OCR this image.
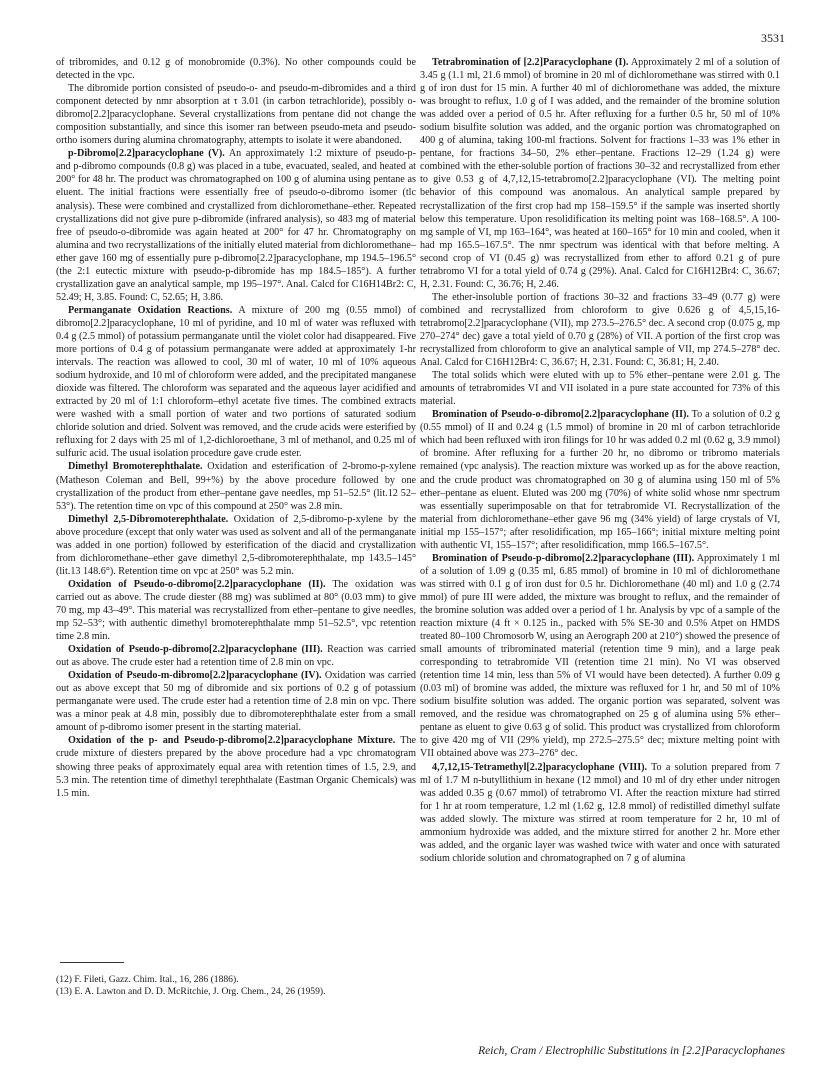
3531

of tribromides, and 0.12 g of monobromide (0.3%). No other compounds could be detected in the vpc.

The dibromide portion consisted of pseudo-o- and pseudo-m-dibromides and a third component detected by nmr absorption at τ 3.01 (in carbon tetrachloride), possibly o-dibromo[2.2]paracyclophane. Several crystallizations from pentane did not change the composition substantially, and since this isomer ran between pseudo-meta and pseudo-ortho isomers during alumina chromatography, attempts to isolate it were abandoned.

p-Dibromo[2.2]paracyclophane (V). An approximately 1:2 mixture of pseudo-p- and p-dibromo compounds (0.8 g) was placed in a tube, evacuated, sealed, and heated at 200° for 48 hr. The product was chromatographed on 100 g of alumina using pentane as eluent. The initial fractions were essentially free of pseudo-o-dibromo isomer (tlc analysis). These were combined and crystallized from dichloromethane–ether. Repeated crystallizations did not give pure p-dibromide (infrared analysis), so 483 mg of material free of pseudo-o-dibromide was again heated at 200° for 47 hr. Chromatography on alumina and two recrystallizations of the initially eluted material from dichloromethane–ether gave 160 mg of essentially pure p-dibromo[2.2]paracyclophane, mp 194.5–196.5° (the 2:1 eutectic mixture with pseudo-p-dibromide has mp 184.5–185°). A further crystallization gave an analytical sample, mp 195–197°. Anal. Calcd for C16H14Br2: C, 52.49; H, 3.85. Found: C, 52.65; H, 3.86.

Permanganate Oxidation Reactions. A mixture of 200 mg (0.55 mmol) of dibromo[2.2]paracyclophane, 10 ml of pyridine, and 10 ml of water was refluxed with 0.4 g (2.5 mmol) of potassium permanganate until the violet color had disappeared. Five more portions of 0.4 g of potassium permanganate were added at approximately 1-hr intervals. The reaction was allowed to cool, 30 ml of water, 10 ml of 10% aqueous sodium hydroxide, and 10 ml of chloroform were added, and the precipitated manganese dioxide was filtered. The chloroform was separated and the aqueous layer acidified and extracted by 20 ml of 1:1 chloroform–ethyl acetate five times. The combined extracts were washed with a small portion of water and two portions of saturated sodium chloride solution and dried. Solvent was removed, and the crude acids were esterified by refluxing for 2 days with 25 ml of 1,2-dichloroethane, 3 ml of methanol, and 0.25 ml of sulfuric acid. The usual isolation procedure gave crude ester.

Dimethyl Bromoterephthalate. Oxidation and esterification of 2-bromo-p-xylene (Matheson Coleman and Bell, 99+%) by the above procedure followed by one crystallization of the product from ether–pentane gave needles, mp 51–52.5° (lit.12 52–53°). The retention time on vpc of this compound at 250° was 2.8 min.

Dimethyl 2,5-Dibromoterephthalate. Oxidation of 2,5-dibromo-p-xylene by the above procedure (except that only water was used as solvent and all of the permanganate was added in one portion) followed by esterification of the diacid and crystallization from dichloromethane–ether gave dimethyl 2,5-dibromoterephthalate, mp 143.5–145° (lit.13 148.6°). Retention time on vpc at 250° was 5.2 min.

Oxidation of Pseudo-o-dibromo[2.2]paracyclophane (II). The oxidation was carried out as above. The crude diester (88 mg) was sublimed at 80° (0.03 mm) to give 70 mg, mp 43–49°. This material was recrystallized from ether–pentane to give needles, mp 52–53°; with authentic dimethyl bromoterephthalate mmp 51–52.5°, vpc retention time 2.8 min.

Oxidation of Pseudo-p-dibromo[2.2]paracyclophane (III). Reaction was carried out as above. The crude ester had a retention time of 2.8 min on vpc.

Oxidation of Pseudo-m-dibromo[2.2]paracyclophane (IV). Oxidation was carried out as above except that 50 mg of dibromide and six portions of 0.2 g of potassium permanganate were used. The crude ester had a retention time of 2.8 min on vpc. There was a minor peak at 4.8 min, possibly due to dibromoterephthalate ester from a small amount of p-dibromo isomer present in the starting material.

Oxidation of the p- and Pseudo-p-dibromo[2.2]paracyclophane Mixture. The crude mixture of diesters prepared by the above procedure had a vpc chromatogram showing three peaks of approximately equal area with retention times of 1.5, 2.9, and 5.3 min. The retention time of dimethyl terephthalate (Eastman Organic Chemicals) was 1.5 min.

Tetrabromination of [2.2]Paracyclophane (I). Approximately 2 ml of a solution of 3.45 g (1.1 ml, 21.6 mmol) of bromine in 20 ml of dichloromethane was stirred with 0.1 g of iron dust for 15 min. A further 40 ml of dichloromethane was added, the mixture was brought to reflux, 1.0 g of I was added, and the remainder of the bromine solution was added over a period of 0.5 hr. After refluxing for a further 0.5 hr, 50 ml of 10% sodium bisulfite solution was added, and the organic portion was chromatographed on 400 g of alumina, taking 100-ml fractions. Solvent for fractions 1–33 was 1% ether in pentane, for fractions 34–50, 2% ether–pentane. Fractions 12–29 (1.24 g) were combined with the ether-soluble portion of fractions 30–32 and recrystallized from ether to give 0.53 g of 4,7,12,15-tetrabromo[2.2]paracyclophane (VI). The melting point behavior of this compound was anomalous. An analytical sample prepared by recrystallization of the first crop had mp 158–159.5° if the sample was inserted shortly below this temperature. Upon resolidification its melting point was 168–168.5°. A 100-mg sample of VI, mp 163–164°, was heated at 160–165° for 10 min and cooled, when it had mp 165.5–167.5°. The nmr spectrum was identical with that before melting. A second crop of VI (0.45 g) was recrystallized from ether to afford 0.21 g of pure tetrabromo VI for a total yield of 0.74 g (29%). Anal. Calcd for C16H12Br4: C, 36.67; H, 2.31. Found: C, 36.76; H, 2.46.

The ether-insoluble portion of fractions 30–32 and fractions 33–49 (0.77 g) were combined and recrystallized from chloroform to give 0.626 g of 4,5,15,16-tetrabromo[2.2]paracyclophane (VII), mp 273.5–276.5° dec. A second crop (0.075 g, mp 270–274° dec) gave a total yield of 0.70 g (28%) of VII. A portion of the first crop was recrystallized from chloroform to give an analytical sample of VII, mp 274.5–278° dec. Anal. Calcd for C16H12Br4: C, 36.67; H, 2.31. Found: C, 36.81; H, 2.40.

The total solids which were eluted with up to 5% ether–pentane were 2.01 g. The amounts of tetrabromides VI and VII isolated in a pure state accounted for 73% of this material.

Bromination of Pseudo-o-dibromo[2.2]paracyclophane (II). To a solution of 0.2 g (0.55 mmol) of II and 0.24 g (1.5 mmol) of bromine in 20 ml of carbon tetrachloride which had been refluxed with iron filings for 10 hr was added 0.2 ml (0.62 g, 3.9 mmol) of bromine. After refluxing for a further 20 hr, no dibromo or tribromo materials remained (vpc analysis). The reaction mixture was worked up as for the above reaction, and the crude product was chromatographed on 30 g of alumina using 150 ml of 5% ether–pentane as eluent. Eluted was 200 mg (70%) of white solid whose nmr spectrum was essentially superimposable on that for tetrabromide VI. Recrystallization of the material from dichloromethane–ether gave 96 mg (34% yield) of large crystals of VI, initial mp 155–157°; after resolidification, mp 165–166°; initial mixture melting point with authentic VI, 155–157°; after resolidification, mmp 166.5–167.5°.

Bromination of Pseudo-p-dibromo[2.2]paracyclophane (III). Approximately 1 ml of a solution of 1.09 g (0.35 ml, 6.85 mmol) of bromine in 10 ml of dichloromethane was stirred with 0.1 g of iron dust for 0.5 hr. Dichloromethane (40 ml) and 1.0 g (2.74 mmol) of pure III were added, the mixture was brought to reflux, and the remainder of the bromine solution was added over a period of 1 hr. Analysis by vpc of a sample of the reaction mixture (4 ft × 0.125 in., packed with 5% SE-30 and 0.5% Atpet on HMDS treated 80–100 Chromosorb W, using an Aerograph 200 at 210°) showed the presence of small amounts of tribrominated material (retention time 9 min), and a large peak corresponding to tetrabromide VII (retention time 21 min). No VI was observed (retention time 14 min, less than 5% of VI would have been detected). A further 0.09 g (0.03 ml) of bromine was added, the mixture was refluxed for 1 hr, and 50 ml of 10% sodium bisulfite solution was added. The organic portion was separated, solvent was removed, and the residue was chromatographed on 25 g of alumina using 5% ether–pentane as eluent to give 0.63 g of solid. This product was crystallized from chloroform to give 420 mg of VII (29% yield), mp 272.5–275.5° dec; mixture melting point with VII obtained above was 273–276° dec.

4,7,12,15-Tetramethyl[2.2]paracyclophane (VIII). To a solution prepared from 7 ml of 1.7 M n-butyllithium in hexane (12 mmol) and 10 ml of dry ether under nitrogen was added 0.35 g (0.67 mmol) of tetrabromo VI. After the reaction mixture had stirred for 1 hr at room temperature, 1.2 ml (1.62 g, 12.8 mmol) of redistilled dimethyl sulfate was added slowly. The mixture was stirred at room temperature for 2 hr, 10 ml of ammonium hydroxide was added, and the mixture stirred for another 2 hr. More ether was added, and the organic layer was washed twice with water and once with saturated sodium chloride solution and chromatographed on 7 g of alumina

(12) F. Fileti, Gazz. Chim. Ital., 16, 286 (1886).

(13) E. A. Lawton and D. D. McRitchie, J. Org. Chem., 24, 26 (1959).

Reich, Cram / Electrophilic Substitutions in [2.2]Paracyclophanes
